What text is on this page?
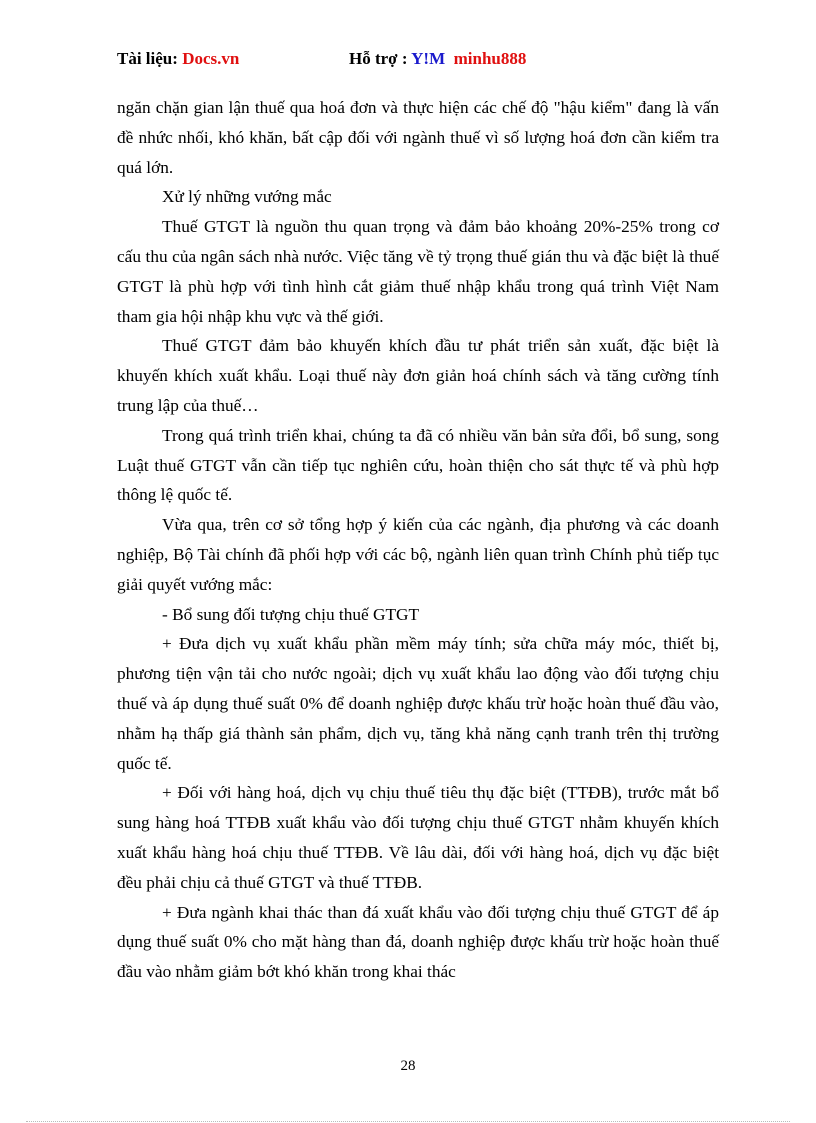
Tài liệu: Docs.vn	Hỗ trợ : Y!M minhu888

ngăn chặn gian lận thuế qua hoá đơn và thực hiện các chế độ "hậu kiểm" đang là vấn đề nhức nhối, khó khăn, bất cập đối với ngành thuế vì số lượng hoá đơn cần kiểm tra quá lớn.

Xử lý những vướng mắc

Thuế GTGT là nguồn thu quan trọng và đảm bảo khoảng 20%-25% trong cơ cấu thu của ngân sách nhà nước. Việc tăng về tỷ trọng thuế gián thu và đặc biệt là thuế GTGT là phù hợp với tình hình cắt giảm thuế nhập khẩu trong quá trình Việt Nam tham gia hội nhập khu vực và thế giới.

Thuế GTGT đảm bảo khuyến khích đầu tư phát triển sản xuất, đặc biệt là khuyến khích xuất khẩu. Loại thuế này đơn giản hoá chính sách và tăng cường tính trung lập của thuế…

Trong quá trình triển khai, chúng ta đã có nhiều văn bản sửa đổi, bổ sung, song Luật thuế GTGT vẫn cần tiếp tục nghiên cứu, hoàn thiện cho sát thực tế và phù hợp thông lệ quốc tế.

Vừa qua, trên cơ sở tổng hợp ý kiến của các ngành, địa phương và các doanh nghiệp, Bộ Tài chính đã phối hợp với các bộ, ngành liên quan trình Chính phủ tiếp tục giải quyết vướng mắc:

- Bổ sung đối tượng chịu thuế GTGT

+ Đưa dịch vụ xuất khẩu phần mềm máy tính; sửa chữa máy móc, thiết bị, phương tiện vận tải cho nước ngoài; dịch vụ xuất khẩu lao động vào đối tượng chịu thuế và áp dụng thuế suất 0% để doanh nghiệp được khấu trừ hoặc hoàn thuế đầu vào, nhằm hạ thấp giá thành sản phẩm, dịch vụ, tăng khả năng cạnh tranh trên thị trường quốc tế.

+ Đối với hàng hoá, dịch vụ chịu thuế tiêu thụ đặc biệt (TTĐB), trước mắt bổ sung hàng hoá TTĐB xuất khẩu vào đối tượng chịu thuế GTGT nhằm khuyến khích xuất khẩu hàng hoá chịu thuế TTĐB. Về lâu dài, đối với hàng hoá, dịch vụ đặc biệt đều phải chịu cả thuế GTGT và thuế TTĐB.

+ Đưa ngành khai thác than đá xuất khẩu vào đối tượng chịu thuế GTGT để áp dụng thuế suất 0% cho mặt hàng than đá, doanh nghiệp được khấu trừ hoặc hoàn thuế đầu vào nhằm giảm bớt khó khăn trong khai thác

28
